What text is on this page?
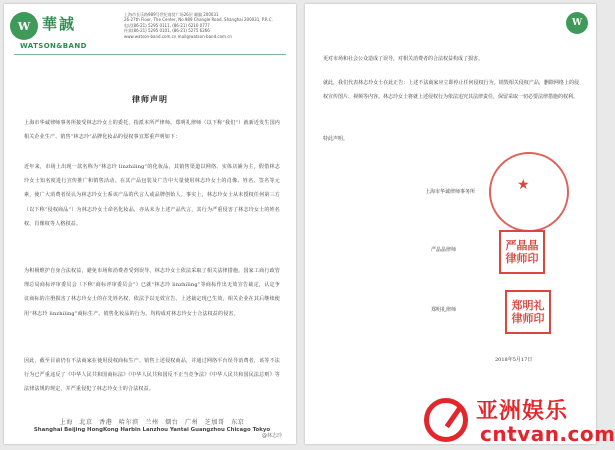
W 華誠
WATSON&BAND
上海市长乐路989号世纪商贸广场26层 邮编 200031
26-27th Floor, The Center, No.989 Changle Road, Shanghai 200031, P.R.C.
电话(86-21) 5295 0111, (86-21) 6210 0777
传真(86-21) 5295 0101, (86-21) 5275 6266
www.watson-band.com.cn mail@watson-band.com.cn
律师声明

上海市华诚律师事务所接受林志玲女士的委托，指派本所严律师、郑明礼律师（以下称“我们”）就新近发生国内相关企业生产、销售“林志玲”品牌化妆品的侵权事宜郑重声明如下：

近年来，市场上出现一款名称为“林志玲 linzhiling”的化妆品，其销售渠道以网络、实体店铺为主，假借林志玲女士知名度进行宣传推广和销售活动。在其产品包装及广告中大量使用林志玲女士的肖像、姓名、签名等元素，使广大消费者误认为林志玲女士系该产品的代言人或品牌创始人。事实上，林志玲女士从未授权任何第三方（以下称“侵权商品”）为林志玲女士命名化妆品，亦从未为上述产品代言，其行为严重侵害了林志玲女士的姓名权、肖像权等人格权益。

为积极维护自身合法权益，避免市场和消费者受到误导，林志玲女士依法采取了相关法律措施。国家工商行政管理总局商标评审委员会（下称“商标评审委员会”）已就“林志玲 linzhiling”等商标作出无效宣告裁定，认定争议商标的注册损害了林志玲女士的在先姓名权，依法予以无效宣告。上述裁定现已生效，相关企业在其后继续使用“林志玲 linzhiling”商标生产、销售化妆品的行为，均构成对林志玲女士合法权益的侵害。

因此，截至目前仍有不法商家在使用侵权商标生产、销售上述侵权商品，并通过网络平台误导消费者，该等不法行为已严重违反了《中华人民共和国商标法》《中华人民共和国反不正当竞争法》《中华人民共和国民法总则》等法律法规的规定，并严重侵犯了林志玲女士的合法权益。

上海　北京　香港　哈尔滨　兰州　烟台　广州　芝加哥　东京
Shanghai Beijing HongKong Harbin Lanzhou Yantai Guangzhou Chicago Tokyo
W

更对市场和社会公众造成了误导，对相关消费者的合法权益构成了损害。

就此，我们代表林志玲女士在此正告：上述不法商家应立即停止任何侵权行为，销毁相关侵权产品，删除网络上的侵权宣传图片、视频等内容。林志玲女士将就上述侵权行为依法追究其法律责任，保留采取一切必要法律措施的权利。

特此声明。

★
上海市华诚律师事务所
严晶晶律师	严晶晶律师印
郑明礼律师	郑明礼律师印
2018年5月17日
@林志玲
亚洲娱乐
cntvan.com
